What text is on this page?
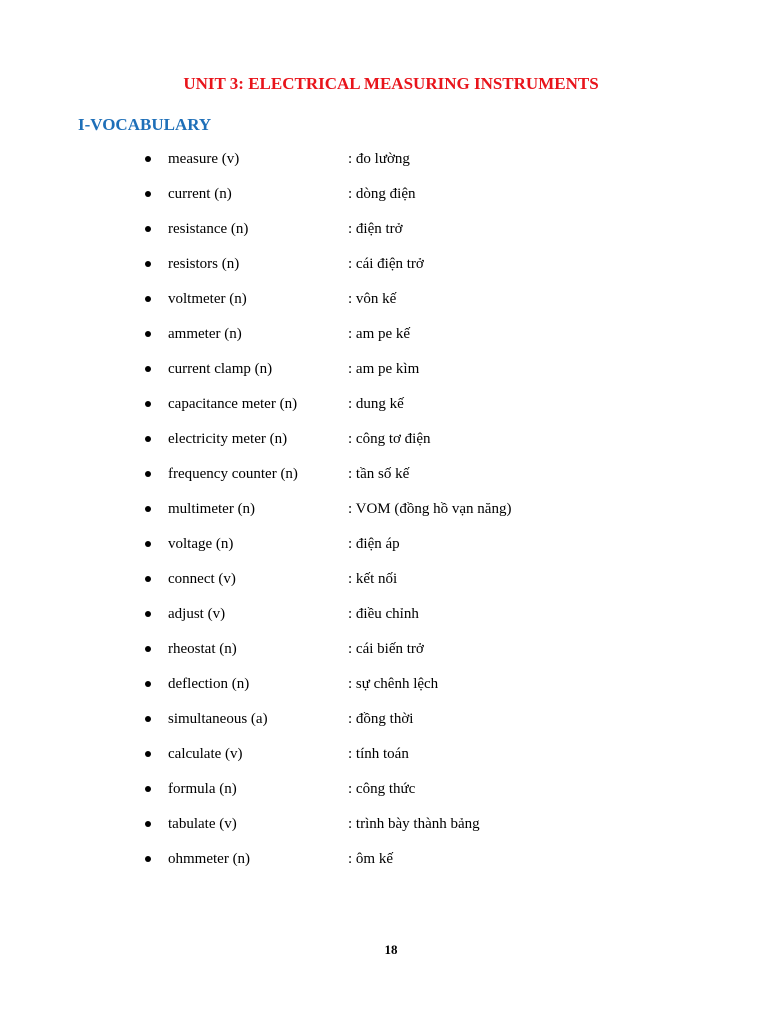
UNIT 3: ELECTRICAL MEASURING INSTRUMENTS
I-VOCABULARY
measure (v)	: đo lường
current (n)	: dòng điện
resistance (n)	: điện trở
resistors (n)	: cái điện trở
voltmeter (n)	: vôn kế
ammeter (n)	: am pe kế
current clamp (n)	: am pe kìm
capacitance meter (n)	: dung kế
electricity meter (n)	: công tơ điện
frequency counter (n)	: tần số kế
multimeter (n)	: VOM (đồng hồ vạn năng)
voltage (n)	: điện áp
connect (v)	: kết nối
adjust (v)	: điều chỉnh
rheostat (n)	: cái biến trở
deflection (n)	: sự chênh lệch
simultaneous (a)	: đồng thời
calculate (v)	: tính toán
formula (n)	: công thức
tabulate (v)	: trình bày thành bảng
ohmmeter (n)	: ôm kế
18
